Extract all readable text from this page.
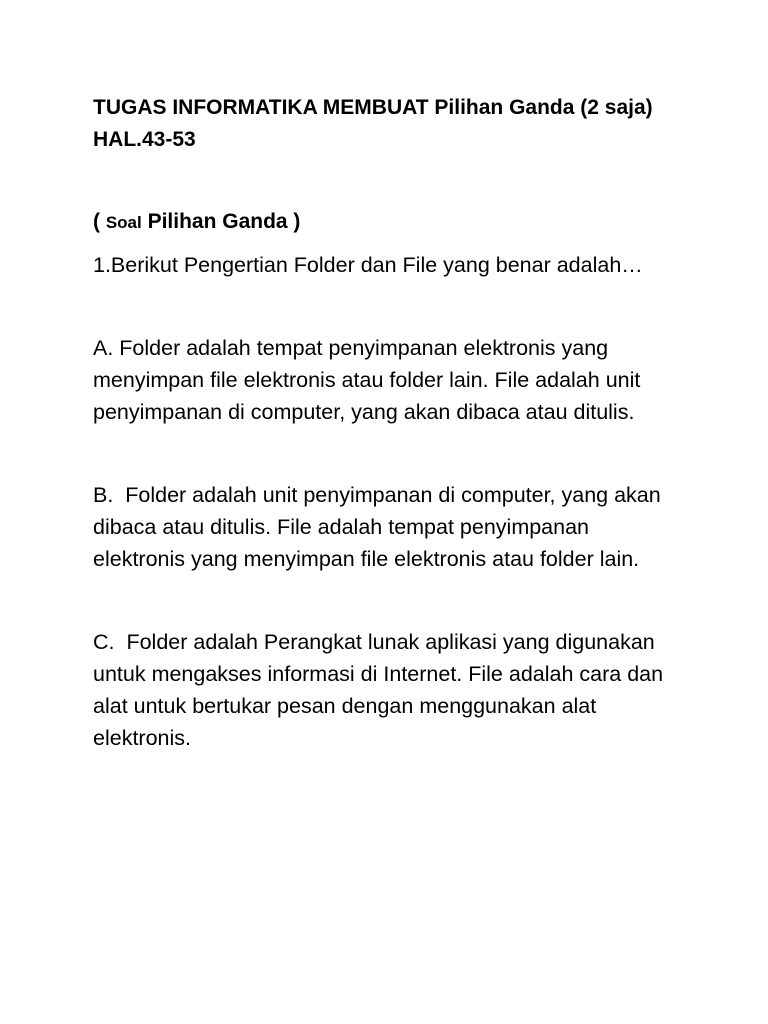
TUGAS INFORMATIKA MEMBUAT Pilihan Ganda (2 saja) HAL.43-53

( Soal Pilihan Ganda )

1.Berikut Pengertian Folder dan File yang benar adalah…

A. Folder adalah tempat penyimpanan elektronis yang menyimpan file elektronis atau folder lain. File adalah unit penyimpanan di computer, yang akan dibaca atau ditulis.

B.  Folder adalah unit penyimpanan di computer, yang akan dibaca atau ditulis. File adalah tempat penyimpanan elektronis yang menyimpan file elektronis atau folder lain.

C.  Folder adalah Perangkat lunak aplikasi yang digunakan untuk mengakses informasi di Internet. File adalah cara dan alat untuk bertukar pesan dengan menggunakan alat elektronis.
